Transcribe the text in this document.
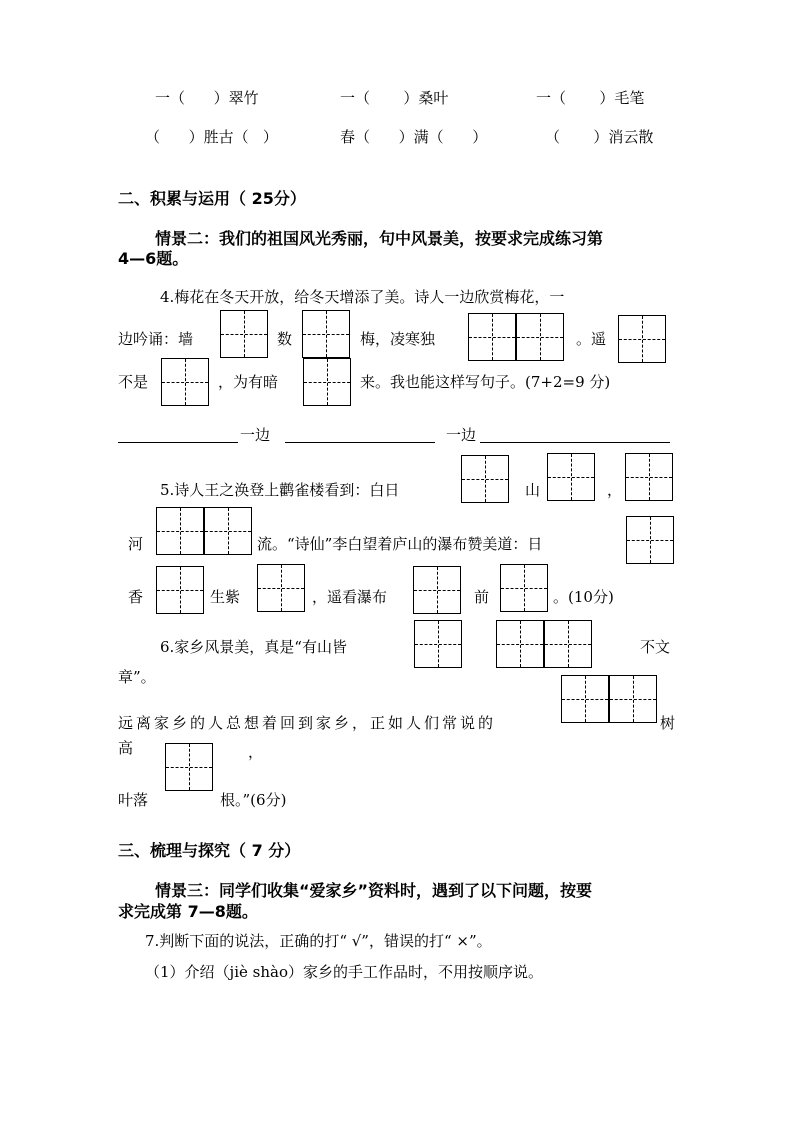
一（      ）翠竹	一（       ）桑叶	一（       ）毛笔
（      ）胜古（   ）	春（      ）满（      ）	（       ）消云散
二、积累与运用（ 25分）
情景二：我们的祖国风光秀丽，句中风景美，按要求完成练习第
4—6题。
4.梅花在冬天开放，给冬天增添了美。诗人一边欣赏梅花，一
边吟诵：墙	数	梅，凌寒独	。遥
不是	，为有暗	来。我也能这样写句子。(7+2=9 分)
一边	一边
5.诗人王之涣登上鹳雀楼看到：白日	山	，
河	流。“诗仙”李白望着庐山的瀑布赞美道：日
香	生紫	，遥看瀑布	前	。(10分)
6.家乡风景美，真是“有山皆	不文
章”。
远离家乡的人总想着回到家乡，正如人们常说的	树
高	，
叶落	根。”(6分)
三、梳理与探究（ 7 分）
情景三：同学们收集“爱家乡”资料时，遇到了以下问题，按要
求完成第 7—8题。
7.判断下面的说法，正确的打“ √”，错误的打“ ×”。
（1）介绍（jiè shào）家乡的手工作品时，不用按顺序说。
